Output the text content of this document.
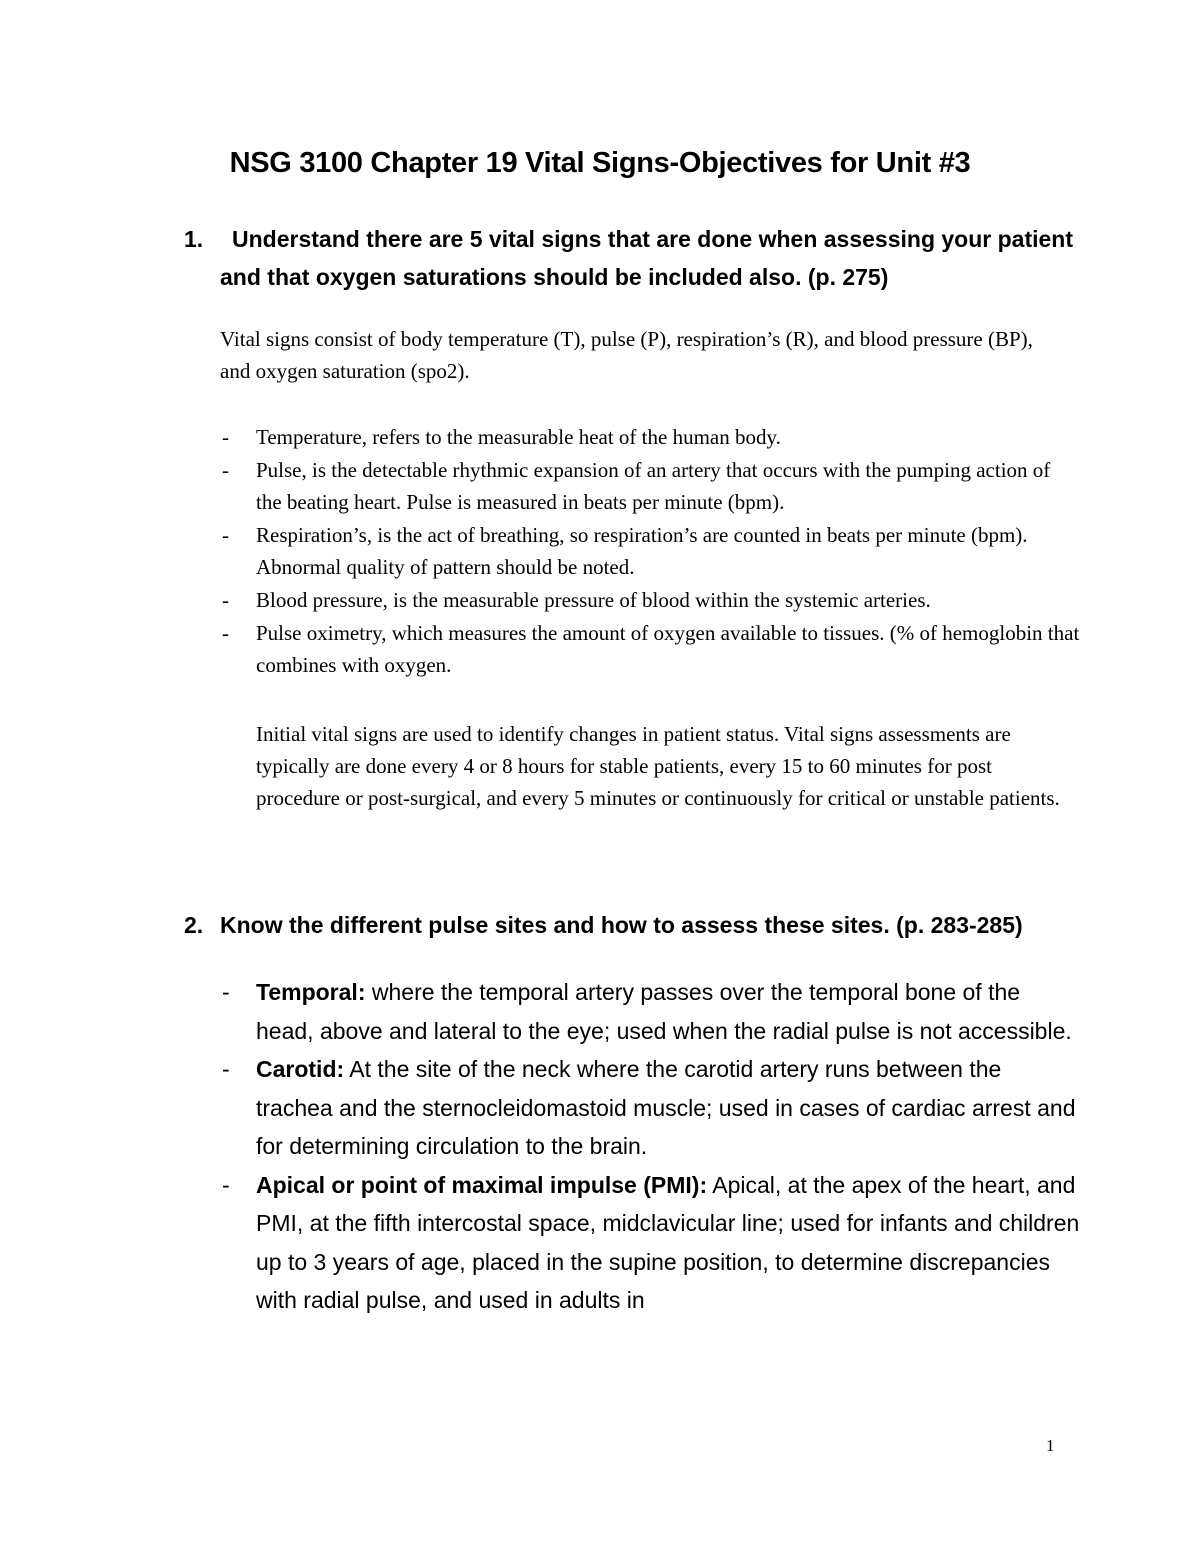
NSG 3100 Chapter 19 Vital Signs-Objectives for Unit #3
1.	Understand there are 5 vital signs that are done when assessing your patient and that oxygen saturations should be included also. (p. 275)
Vital signs consist of body temperature (T), pulse (P), respiration’s (R), and blood pressure (BP), and oxygen saturation (spo2).
- Temperature, refers to the measurable heat of the human body.
- Pulse, is the detectable rhythmic expansion of an artery that occurs with the pumping action of the beating heart. Pulse is measured in beats per minute (bpm).
- Respiration’s, is the act of breathing, so respiration’s are counted in beats per minute (bpm). Abnormal quality of pattern should be noted.
- Blood pressure, is the measurable pressure of blood within the systemic arteries.
- Pulse oximetry, which measures the amount of oxygen available to tissues. (% of hemoglobin that combines with oxygen.
Initial vital signs are used to identify changes in patient status. Vital signs assessments are typically are done every 4 or 8 hours for stable patients, every 15 to 60 minutes for post procedure or post-surgical, and every 5 minutes or continuously for critical or unstable patients.
2. Know the different pulse sites and how to assess these sites. (p. 283-285)
- Temporal: where the temporal artery passes over the temporal bone of the head, above and lateral to the eye; used when the radial pulse is not accessible.
- Carotid: At the site of the neck where the carotid artery runs between the trachea and the sternocleidomastoid muscle; used in cases of cardiac arrest and for determining circulation to the brain.
- Apical or point of maximal impulse (PMI): Apical, at the apex of the heart, and PMI, at the fifth intercostal space, midclavicular line; used for infants and children up to 3 years of age, placed in the supine position, to determine discrepancies with radial pulse, and used in adults in
1
